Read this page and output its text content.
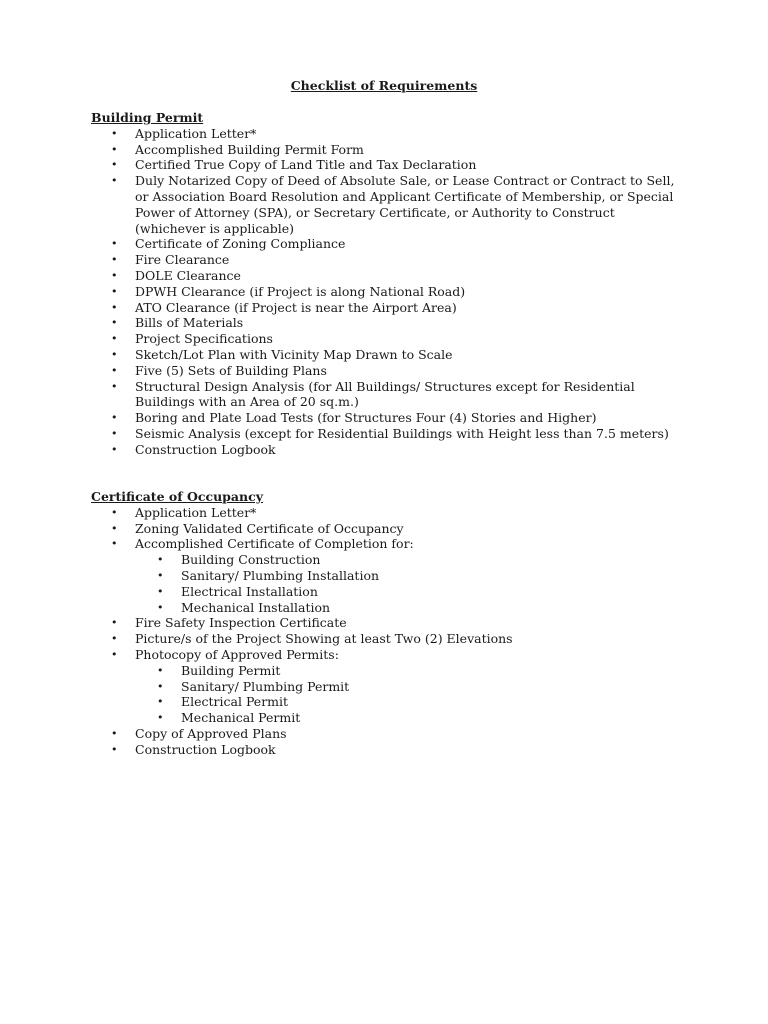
Checklist of Requirements

Building Permit

• Application Letter*
• Accomplished Building Permit Form
• Certified True Copy of Land Title and Tax Declaration
• Duly Notarized Copy of Deed of Absolute Sale, or Lease Contract or Contract to Sell, or Association Board Resolution and Applicant Certificate of Membership, or Special Power of Attorney (SPA), or Secretary Certificate, or Authority to Construct (whichever is applicable)
• Certificate of Zoning Compliance
• Fire Clearance
• DOLE Clearance
• DPWH Clearance (if Project is along National Road)
• ATO Clearance (if Project is near the Airport Area)
• Bills of Materials
• Project Specifications
• Sketch/Lot Plan with Vicinity Map Drawn to Scale
• Five (5) Sets of Building Plans
• Structural Design Analysis (for All Buildings/ Structures except for Residential Buildings with an Area of 20 sq.m.)
• Boring and Plate Load Tests (for Structures Four (4) Stories and Higher)
• Seismic Analysis (except for Residential Buildings with Height less than 7.5 meters)
• Construction Logbook

Certificate of Occupancy

• Application Letter*
• Zoning Validated Certificate of Occupancy
• Accomplished Certificate of Completion for:
• Building Construction
• Sanitary/ Plumbing Installation
• Electrical Installation
• Mechanical Installation
• Fire Safety Inspection Certificate
• Picture/s of the Project Showing at least Two (2) Elevations
• Photocopy of Approved Permits:
• Building Permit
• Sanitary/ Plumbing Permit
• Electrical Permit
• Mechanical Permit
• Copy of Approved Plans
• Construction Logbook
